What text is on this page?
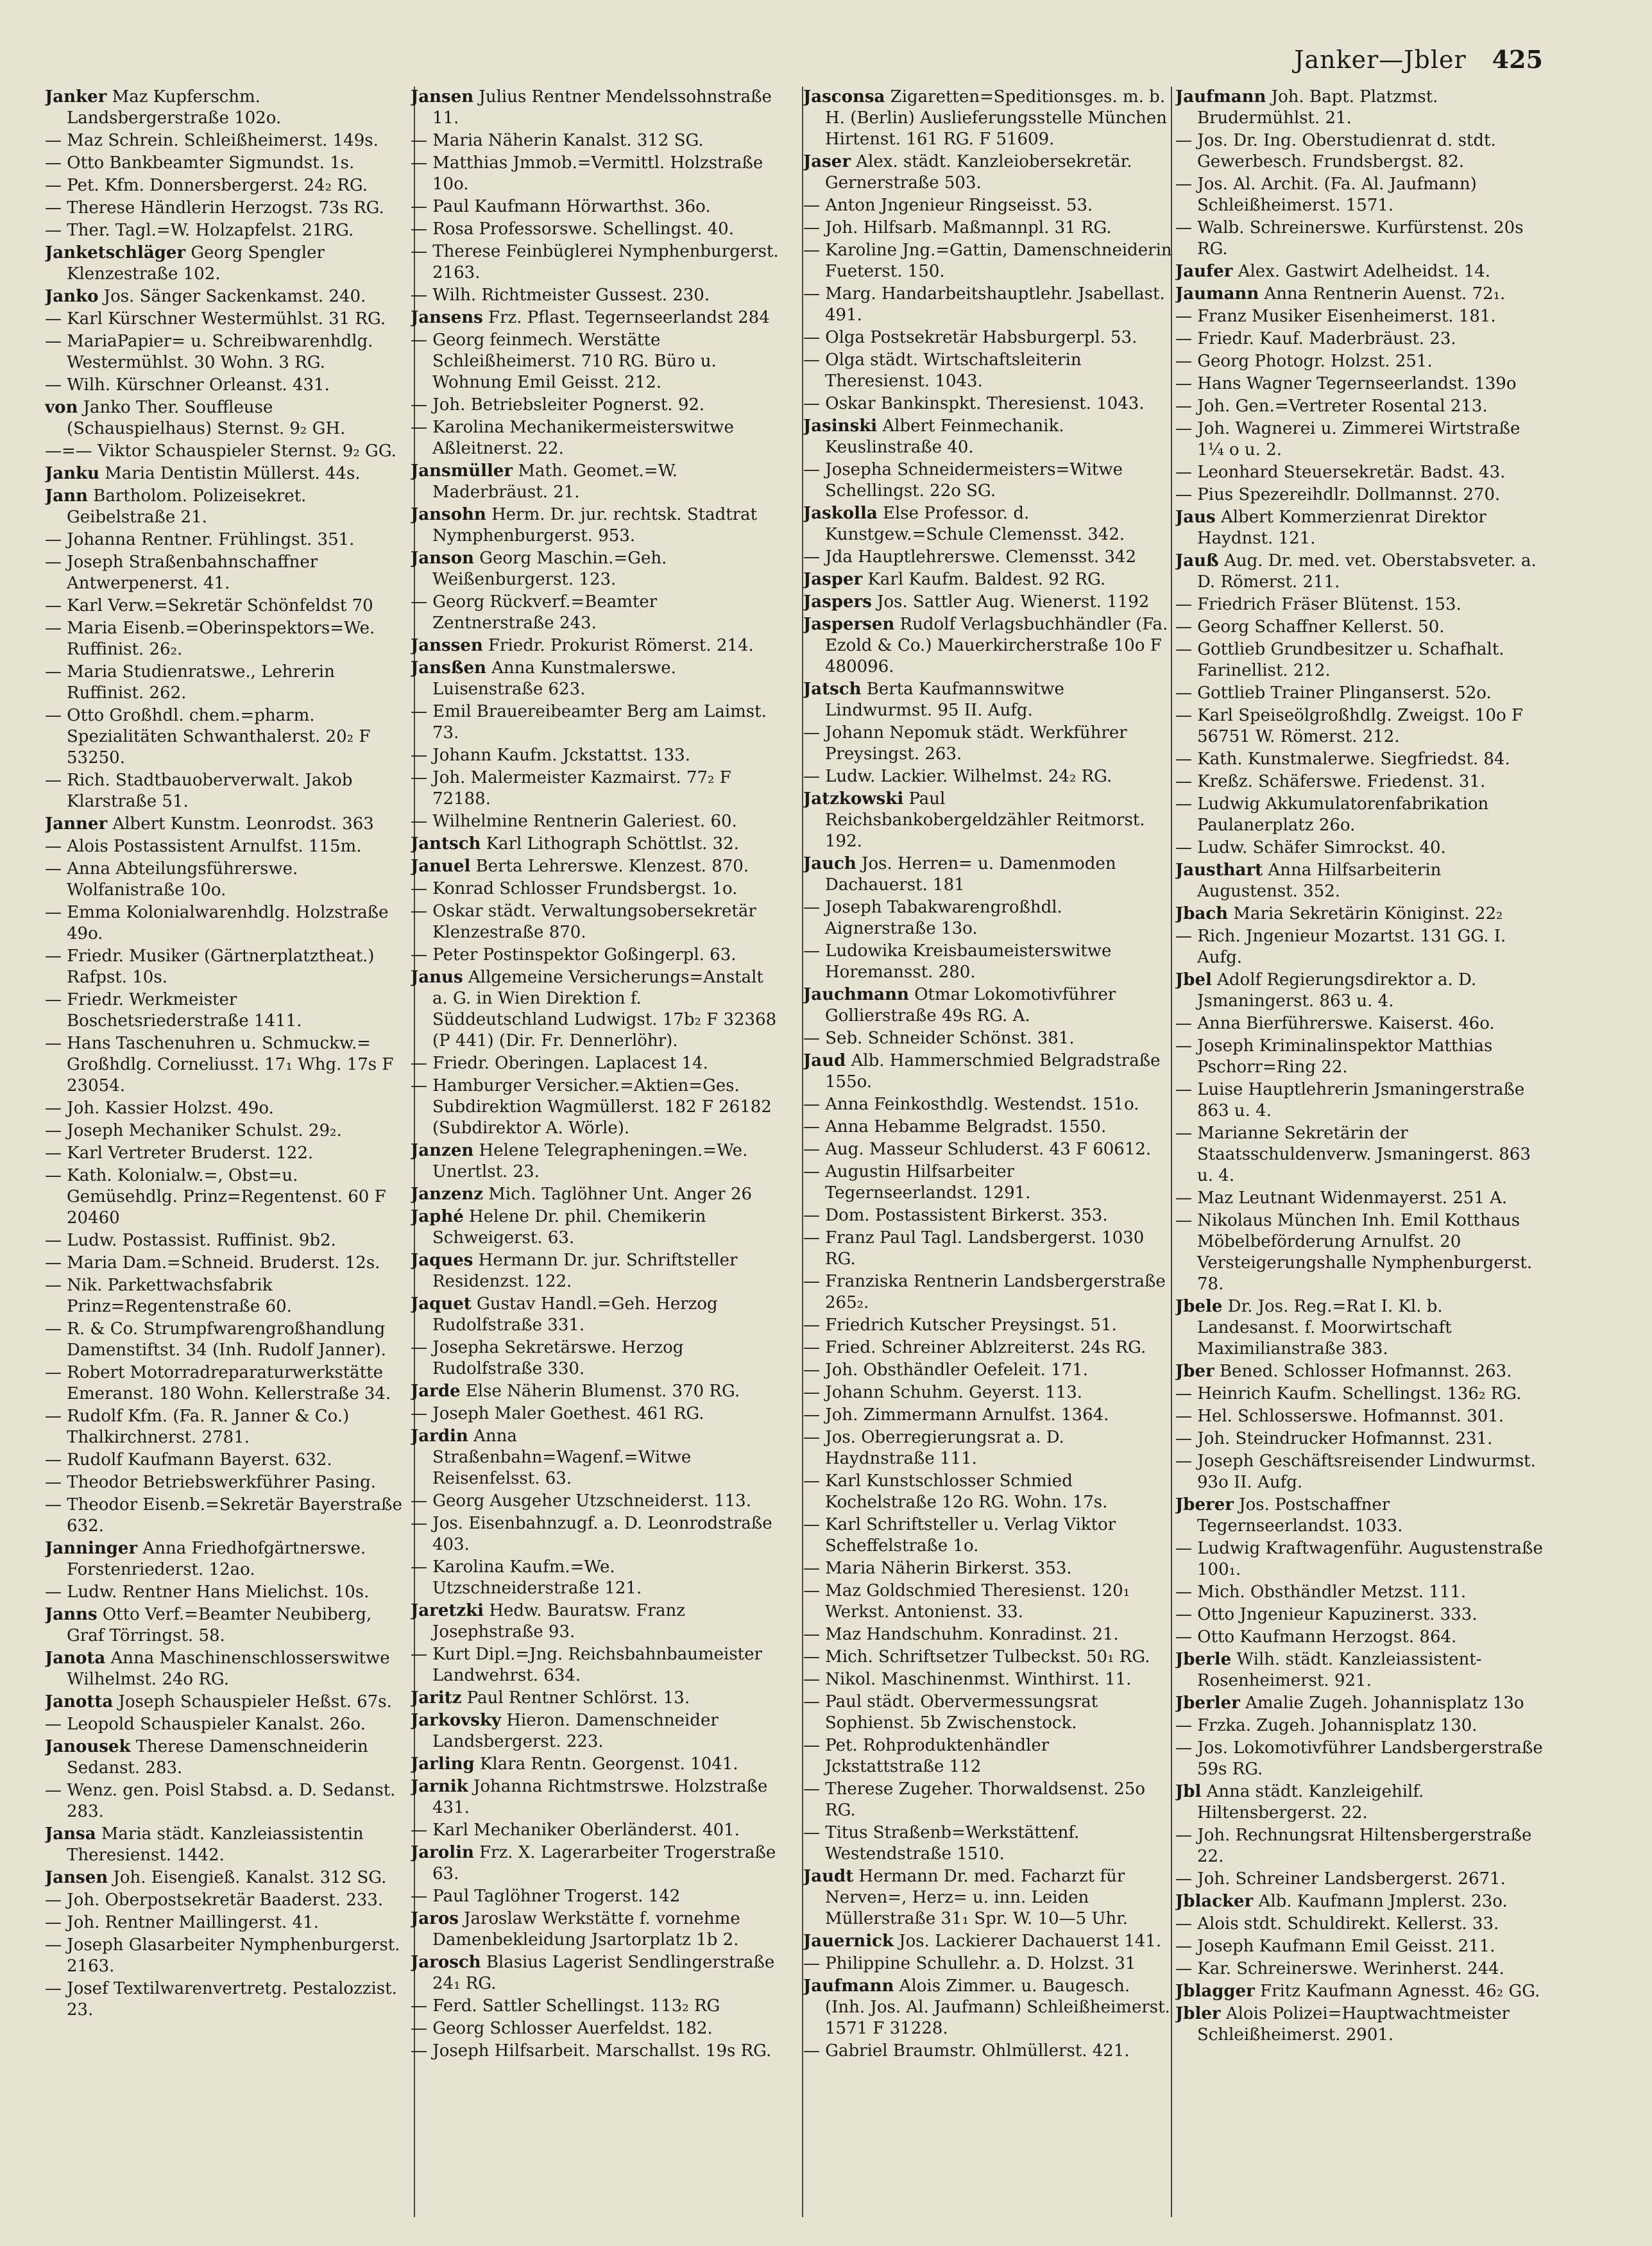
Janker—Jbler 425
Janker Maz Kupferschm. Landsbergerstraße 102o.
— Maz Schrein. Schleißheimerst. 149s.
— Otto Bankbeamter Sigmundst. 1s.
— Pet. Kfm. Donnersbergerst. 24₂ RG.
— Therese Händlerin Herzogst. 73s RG.
— Ther. Tagl.=W. Holzapfelst. 21RG.
Janketschläger Georg Spengler Klenzestraße 102.
Janko Jos. Sänger Sackenkamst. 240.
— Karl Kürschner Westermühlst. 31 RG.
— MariaPapier= u. Schreibwarenhdlg. Westermühlst. 30 Wohn. 3 RG.
— Wilh. Kürschner Orleanst. 431.
von Janko Ther. Souffleuse (Schauspielhaus) Sternst. 9₂ GH.
—=— Viktor Schauspieler Sternst. 9₂ GG.
Janku Maria Dentistin Müllerst. 44s.
Jann Bartholom. Polizeisekret. Geibelstraße 21.
— Johanna Rentner. Frühlingst. 351.
— Joseph Straßenbahnschaffner Antwerpenerst. 41.
— Karl Verw.=Sekretär Schönfeldst 70
— Maria Eisenb.=Oberinspektors=We. Ruffinist. 26₂.
— Maria Studienratswe., Lehrerin Ruffinist. 262.
— Otto Großhdl. chem.=pharm. Spezialitäten Schwanthalerst. 20₂ F 53250.
— Rich. Stadtbauoberverwalt. Jakob Klarstraße 51.
Janner Albert Kunstm. Leonrodst. 363
— Alois Postassistent Arnulfst. 115m.
— Anna Abteilungsführerswe. Wolfanistraße 10o.
— Emma Kolonialwarenhdlg. Holzstraße 49o.
— Friedr. Musiker (Gärtnerplatztheat.) Rafpst. 10s.
— Friedr. Werkmeister Boschetsriederstraße 1411.
— Hans Taschenuhren u. Schmuckw.= Großhdlg. Corneliusst. 17₁ Whg. 17s F 23054.
— Joh. Kassier Holzst. 49o.
— Joseph Mechaniker Schulst. 29₂.
— Karl Vertreter Bruderst. 122.
— Kath. Kolonialw.=, Obst=u. Gemüsehdlg. Prinz=Regentenst. 60 F 20460
— Ludw. Postassist. Ruffinist. 9b2.
— Maria Dam.=Schneid. Bruderst. 12s.
— Nik. Parkettwachsfabrik Prinz=Regentenstraße 60.
— R. & Co. Strumpfwarengroßhandlung Damenstiftst. 34 (Inh. Rudolf Janner).
— Robert Motorradreparaturwerkstätte Emeranst. 180 Wohn. Kellerstraße 34.
— Rudolf Kfm. (Fa. R. Janner & Co.) Thalkirchnerst. 2781.
— Rudolf Kaufmann Bayerst. 632.
— Theodor Betriebswerkführer Pasing.
— Theodor Eisenb.=Sekretär Bayerstraße 632.
Janninger Anna Friedhofgärtnerswe. Forstenriederst. 12ao.
— Ludw. Rentner Hans Mielichst. 10s.
Janns Otto Verf.=Beamter Neubiberg, Graf Törringst. 58.
Janota Anna Maschinenschlosserswitwe Wilhelmst. 24o RG.
Janotta Joseph Schauspieler Heßst. 67s.
— Leopold Schauspieler Kanalst. 26o.
Janousek Therese Damenschneiderin Sedanst. 283.
— Wenz. gen. Poisl Stabsd. a. D. Sedanst. 283.
Jansa Maria städt. Kanzleiassistentin Theresienst. 1442.
Jansen Joh. Eisengieß. Kanalst. 312 SG.
— Joh. Oberpostsekretär Baaderst. 233.
— Joh. Rentner Maillingerst. 41.
— Joseph Glasarbeiter Nymphenburgerst. 2163.
— Josef Textilwarenvertretg. Pestalozzist. 23.
Jansen Julius Rentner Mendelssohnstraße 11.
— Maria Näherin Kanalst. 312 SG.
— Matthias Jmmob.=Vermittl. Holzstraße 10o.
— Paul Kaufmann Hörwarthst. 36o.
— Rosa Professorswe. Schellingst. 40.
— Therese Feinbüglerei Nymphenburgerst. 2163.
— Wilh. Richtmeister Gussest. 230.
Jansens Frz. Pflast. Tegernseerlandst 284
— Georg feinmech. Werstätte Schleißheimerst. 710 RG. Büro u. Wohnung Emil Geisst. 212.
— Joh. Betriebsleiter Pognerst. 92.
— Karolina Mechanikermeisterswitwe Aßleitnerst. 22.
Jansmüller Math. Geomet.=W. Maderbräust. 21.
Jansohn Herm. Dr. jur. rechtsk. Stadtrat Nymphenburgerst. 953.
Janson Georg Maschin.=Geh. Weißenburgerst. 123.
— Georg Rückverf.=Beamter Zentnerstraße 243.
Janssen Friedr. Prokurist Römerst. 214.
Jansßen Anna Kunstmalerswe. Luisenstraße 623.
— Emil Brauereibeamter Berg am Laimst. 73.
— Johann Kaufm. Jckstattst. 133.
— Joh. Malermeister Kazmairst. 77₂ F 72188.
— Wilhelmine Rentnerin Galeriest. 60.
Jantsch Karl Lithograph Schöttlst. 32.
Januel Berta Lehrerswe. Klenzest. 870.
— Konrad Schlosser Frundsbergst. 1o.
— Oskar städt. Verwaltungsobersekretär Klenzestraße 870.
— Peter Postinspektor Goßingerpl. 63.
Janus Allgemeine Versicherungs=Anstalt a. G. in Wien Direktion f. Süddeutschland Ludwigst. 17b₂ F 32368 (P 441) (Dir. Fr. Dennerlöhr).
— Friedr. Oberingen. Laplacest 14.
— Hamburger Versicher.=Aktien=Ges. Subdirektion Wagmüllerst. 182 F 26182 (Subdirektor A. Wörle).
Janzen Helene Telegrapheningen.=We. Unertlst. 23.
Janzenz Mich. Taglöhner Unt. Anger 26
Japhé Helene Dr. phil. Chemikerin Schweigerst. 63.
Jaques Hermann Dr. jur. Schriftsteller Residenzst. 122.
Jaquet Gustav Handl.=Geh. Herzog Rudolfstraße 331.
— Josepha Sekretärswe. Herzog Rudolfstraße 330.
Jarde Else Näherin Blumenst. 370 RG.
— Joseph Maler Goethest. 461 RG.
Jardin Anna Straßenbahn=Wagenf.=Witwe Reisenfelsst. 63.
— Georg Ausgeher Utzschneiderst. 113.
— Jos. Eisenbahnzugf. a. D. Leonrodstraße 403.
— Karolina Kaufm.=We. Utzschneiderstraße 121.
Jaretzki Hedw. Bauratsw. Franz Josephstraße 93.
— Kurt Dipl.=Jng. Reichsbahnbaumeister Landwehrst. 634.
Jaritz Paul Rentner Schlörst. 13.
Jarkovsky Hieron. Damenschneider Landsbergerst. 223.
Jarling Klara Rentn. Georgenst. 1041.
Jarnik Johanna Richtmstrswe. Holzstraße 431.
— Karl Mechaniker Oberländerst. 401.
Jarolin Frz. X. Lagerarbeiter Trogerstraße 63.
— Paul Taglöhner Trogerst. 142
Jaros Jaroslaw Werkstätte f. vornehme Damenbekleidung Jsartorplatz 1b 2.
Jarosch Blasius Lagerist Sendlingerstraße 24₁ RG.
— Ferd. Sattler Schellingst. 113₂ RG
— Georg Schlosser Auerfeldst. 182.
— Joseph Hilfsarbeit. Marschallst. 19s RG.
Jasconsa Zigaretten=Speditionsges. m. b. H. (Berlin) Auslieferungsstelle München Hirtenst. 161 RG. F 51609.
Jaser Alex. städt. Kanzleiobersekretär. Gernerstraße 503.
— Anton Jngenieur Ringseisst. 53.
— Joh. Hilfsarb. Maßmannpl. 31 RG.
— Karoline Jng.=Gattin, Damenschneiderin Fueterst. 150.
— Marg. Handarbeitshauptlehr. Jsabellast. 491.
— Olga Postsekretär Habsburgerpl. 53.
— Olga städt. Wirtschaftsleiterin Theresienst. 1043.
— Oskar Bankinspkt. Theresienst. 1043.
Jasinski Albert Feinmechanik. Keuslinstraße 40.
— Josepha Schneidermeisters=Witwe Schellingst. 22o SG.
Jaskolla Else Professor. d. Kunstgew.=Schule Clemensst. 342.
— Jda Hauptlehrerswe. Clemensst. 342
Jasper Karl Kaufm. Baldest. 92 RG.
Jaspers Jos. Sattler Aug. Wienerst. 1192
Jaspersen Rudolf Verlagsbuchhändler (Fa. Ezold & Co.) Mauerkircherstraße 10o F 480096.
Jatsch Berta Kaufmannswitwe Lindwurmst. 95 II. Aufg.
— Johann Nepomuk städt. Werkführer Preysingst. 263.
— Ludw. Lackier. Wilhelmst. 24₂ RG.
Jatzkowski Paul Reichsbankobergeldzähler Reitmorst. 192.
Jauch Jos. Herren= u. Damenmoden Dachauerst. 181
— Joseph Tabakwarengroßhdl. Aignerstraße 13o.
— Ludowika Kreisbaumeisterswitwe Horemansst. 280.
Jauchmann Otmar Lokomotivführer Gollierstraße 49s RG. A.
— Seb. Schneider Schönst. 381.
Jaud Alb. Hammerschmied Belgradstraße 155o.
— Anna Feinkosthdlg. Westendst. 151o.
— Anna Hebamme Belgradst. 1550.
— Aug. Masseur Schluderst. 43 F 60612.
— Augustin Hilfsarbeiter Tegernseerlandst. 1291.
— Dom. Postassistent Birkerst. 353.
— Franz Paul Tagl. Landsbergerst. 1030 RG.
— Franziska Rentnerin Landsbergerstraße 265₂.
— Friedrich Kutscher Preysingst. 51.
— Fried. Schreiner Ablzreiterst. 24s RG.
— Joh. Obsthändler Oefeleit. 171.
— Johann Schuhm. Geyerst. 113.
— Joh. Zimmermann Arnulfst. 1364.
— Jos. Oberregierungsrat a. D. Haydnstraße 111.
— Karl Kunstschlosser Schmied Kochelstraße 12o RG. Wohn. 17s.
— Karl Schriftsteller u. Verlag Viktor Scheffelstraße 1o.
— Maria Näherin Birkerst. 353.
— Maz Goldschmied Theresienst. 120₁ Werkst. Antonienst. 33.
— Maz Handschuhm. Konradinst. 21.
— Mich. Schriftsetzer Tulbeckst. 50₁ RG.
— Nikol. Maschinenmst. Winthirst. 11.
— Paul städt. Obervermessungsrat Sophienst. 5b Zwischenstock.
— Pet. Rohproduktenhändler Jckstattstraße 112
— Therese Zugeher. Thorwaldsenst. 25o RG.
— Titus Straßenb=Werkstättenf. Westendstraße 1510.
Jaudt Hermann Dr. med. Facharzt für Nerven=, Herz= u. inn. Leiden Müllerstraße 31₁ Spr. W. 10—5 Uhr.
Jauernick Jos. Lackierer Dachauerst 141.
— Philippine Schullehr. a. D. Holzst. 31
Jaufmann Alois Zimmer. u. Baugesch. (Inh. Jos. Al. Jaufmann) Schleißheimerst. 1571 F 31228.
— Gabriel Braumstr. Ohlmüllerst. 421.
Jaufmann Joh. Bapt. Platzmst. Brudermühlst. 21.
— Jos. Dr. Ing. Oberstudienrat d. stdt. Gewerbesch. Frundsbergst. 82.
— Jos. Al. Archit. (Fa. Al. Jaufmann) Schleißheimerst. 1571.
— Walb. Schreinerswe. Kurfürstenst. 20s RG.
Jaufer Alex. Gastwirt Adelheidst. 14.
Jaumann Anna Rentnerin Auenst. 72₁.
— Franz Musiker Eisenheimerst. 181.
— Friedr. Kauf. Maderbräust. 23.
— Georg Photogr. Holzst. 251.
— Hans Wagner Tegernseerlandst. 139o
— Joh. Gen.=Vertreter Rosental 213.
— Joh. Wagnerei u. Zimmerei Wirtstraße 1¼ o u. 2.
— Leonhard Steuersekretär. Badst. 43.
— Pius Spezereihdlr. Dollmannst. 270.
Jaus Albert Kommerzienrat Direktor Haydnst. 121.
Jauß Aug. Dr. med. vet. Oberstabsveter. a. D. Römerst. 211.
— Friedrich Fräser Blütenst. 153.
— Georg Schaffner Kellerst. 50.
— Gottlieb Grundbesitzer u. Schafhalt. Farinellist. 212.
— Gottlieb Trainer Plinganserst. 52o.
— Karl Speiseölgroßhdlg. Zweigst. 10o F 56751 W. Römerst. 212.
— Kath. Kunstmalerwe. Siegfriedst. 84.
— Kreßz. Schäferswe. Friedenst. 31.
— Ludwig Akkumulatorenfabrikation Paulanerplatz 26o.
— Ludw. Schäfer Simrockst. 40.
Jausthart Anna Hilfsarbeiterin Augustenst. 352.
Jbach Maria Sekretärin Königinst. 22₂
— Rich. Jngenieur Mozartst. 131 GG. I. Aufg.
Jbel Adolf Regierungsdirektor a. D. Jsmaningerst. 863 u. 4.
— Anna Bierführerswe. Kaiserst. 46o.
— Joseph Kriminalinspektor Matthias Pschorr=Ring 22.
— Luise Hauptlehrerin Jsmaningerstraße 863 u. 4.
— Marianne Sekretärin der Staatsschuldenverw. Jsmaningerst. 863 u. 4.
— Maz Leutnant Widenmayerst. 251 A.
— Nikolaus München Inh. Emil Kotthaus Möbelbeförderung Arnulfst. 20 Versteigerungshalle Nymphenburgerst. 78.
Jbele Dr. Jos. Reg.=Rat I. Kl. b. Landesanst. f. Moorwirtschaft Maximilianstraße 383.
Jber Bened. Schlosser Hofmannst. 263.
— Heinrich Kaufm. Schellingst. 136₂ RG.
— Hel. Schlosserswe. Hofmannst. 301.
— Joh. Steindrucker Hofmannst. 231.
— Joseph Geschäftsreisender Lindwurmst. 93o II. Aufg.
Jberer Jos. Postschaffner Tegernseerlandst. 1033.
— Ludwig Kraftwagenführ. Augustenstraße 100₁.
— Mich. Obsthändler Metzst. 111.
— Otto Jngenieur Kapuzinerst. 333.
— Otto Kaufmann Herzogst. 864.
Jberle Wilh. städt. Kanzleiassistent-Rosenheimerst. 921.
Jberler Amalie Zugeh. Johannisplatz 13o
— Frzka. Zugeh. Johannisplatz 130.
— Jos. Lokomotivführer Landsbergerstraße 59s RG.
Jbl Anna städt. Kanzleigehilf. Hiltensbergerst. 22.
— Joh. Rechnungsrat Hiltensbergerstraße 22.
— Joh. Schreiner Landsbergerst. 2671.
Jblacker Alb. Kaufmann Jmplerst. 23o.
— Alois stdt. Schuldirekt. Kellerst. 33.
— Joseph Kaufmann Emil Geisst. 211.
— Kar. Schreinerswe. Werinherst. 244.
Jblagger Fritz Kaufmann Agnesst. 46₂ GG.
Jbler Alois Polizei=Hauptwachtmeister Schleißheimerst. 2901.
